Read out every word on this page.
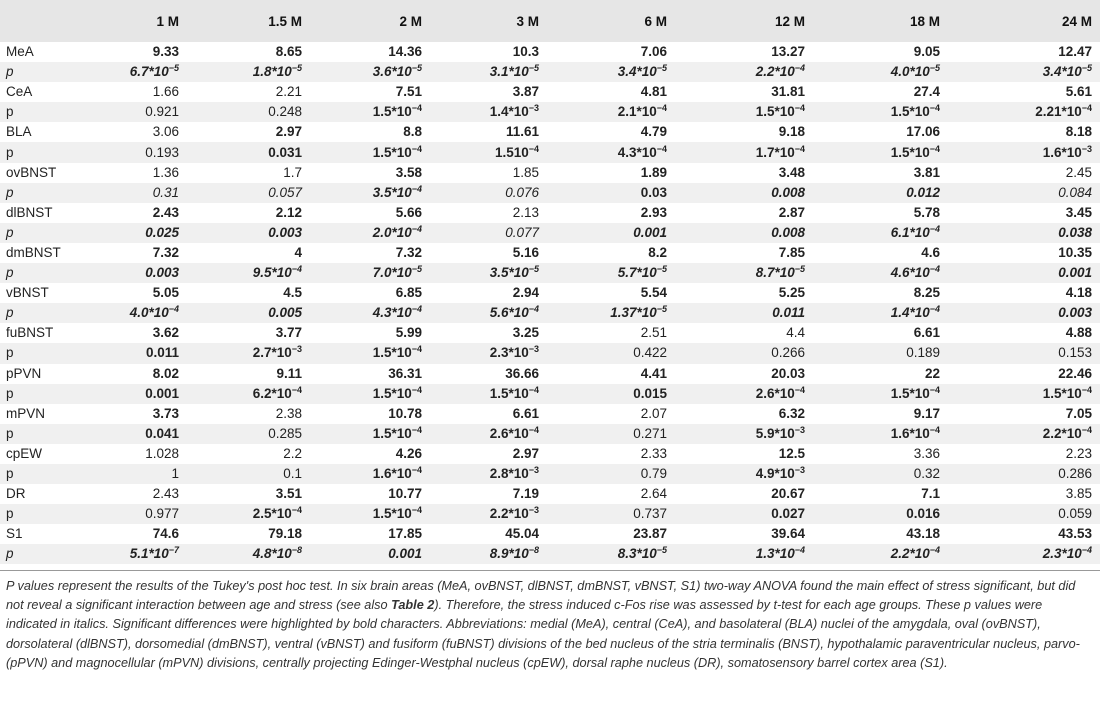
	1 M	1.5 M	2 M	3 M	6 M	12 M	18 M	24 M
MeA	9.33	8.65	14.36	10.3	7.06	13.27	9.05	12.47
p	$6.7*10^{-5}$	$1.8*10^{-5}$	$3.6*10^{-5}$	$3.1*10^{-5}$	$3.4*10^{-5}$	$2.2*10^{-4}$	$4.0*10^{-5}$	$3.4*10^{-5}$
CeA	1.66	2.21	7.51	3.87	4.81	31.81	27.4	5.61
p	0.921	0.248	$1.5*10^{-4}$	$1.4*10^{-3}$	$2.1*10^{-4}$	$1.5*10^{-4}$	$1.5*10^{-4}$	$2.21*10^{-4}$
BLA	3.06	2.97	8.8	11.61	4.79	9.18	17.06	8.18
p	0.193	0.031	$1.5*10^{-4}$	$1.510^{-4}$	$4.3*10^{-4}$	$1.7*10^{-4}$	$1.5*10^{-4}$	$1.6*10^{-3}$
ovBNST	1.36	1.7	3.58	1.85	1.89	3.48	3.81	2.45
p	0.31	0.057	$3.5*10^{-4}$	0.076	0.03	0.008	0.012	0.084
dlBNST	2.43	2.12	5.66	2.13	2.93	2.87	5.78	3.45
p	0.025	0.003	$2.0*10^{-4}$	0.077	0.001	0.008	$6.1*10^{-4}$	0.038
dmBNST	7.32	4	7.32	5.16	8.2	7.85	4.6	10.35
p	0.003	$9.5*10^{-4}$	$7.0*10^{-5}$	$3.5*10^{-5}$	$5.7*10^{-5}$	$8.7*10^{-5}$	$4.6*10^{-4}$	0.001
vBNST	5.05	4.5	6.85	2.94	5.54	5.25	8.25	4.18
p	$4.0*10^{-4}$	0.005	$4.3*10^{-4}$	$5.6*10^{-4}$	$1.37*10^{-5}$	0.011	$1.4*10^{-4}$	0.003
fuBNST	3.62	3.77	5.99	3.25	2.51	4.4	6.61	4.88
p	0.011	$2.7*10^{-3}$	$1.5*10^{-4}$	$2.3*10^{-3}$	0.422	0.266	0.189	0.153
pPVN	8.02	9.11	36.31	36.66	4.41	20.03	22	22.46
p	0.001	$6.2*10^{-4}$	$1.5*10^{-4}$	$1.5*10^{-4}$	0.015	$2.6*10^{-4}$	$1.5*10^{-4}$	$1.5*10^{-4}$
mPVN	3.73	2.38	10.78	6.61	2.07	6.32	9.17	7.05
p	0.041	0.285	$1.5*10^{-4}$	$2.6*10^{-4}$	0.271	$5.9*10^{-3}$	$1.6*10^{-4}$	$2.2*10^{-4}$
cpEW	1.028	2.2	4.26	2.97	2.33	12.5	3.36	2.23
p	1	0.1	$1.6*10^{-4}$	$2.8*10^{-3}$	0.79	$4.9*10^{-3}$	0.32	0.286
DR	2.43	3.51	10.77	7.19	2.64	20.67	7.1	3.85
p	0.977	$2.5*10^{-4}$	$1.5*10^{-4}$	$2.2*10^{-3}$	0.737	0.027	0.016	0.059
S1	74.6	79.18	17.85	45.04	23.87	39.64	43.18	43.53
p	$5.1*10^{-7}$	$4.8*10^{-8}$	0.001	$8.9*10^{-8}$	$8.3*10^{-5}$	$1.3*10^{-4}$	$2.2*10^{-4}$	$2.3*10^{-4}$
P values represent the results of the Tukey's post hoc test. In six brain areas (MeA, ovBNST, dlBNST, dmBNST, vBNST, S1) two-way ANOVA found the main effect of stress significant, but did not reveal a significant interaction between age and stress (see also Table 2). Therefore, the stress induced c-Fos rise was assessed by t-test for each age groups. These p values were indicated in italics. Significant differences were highlighted by bold characters. Abbreviations: medial (MeA), central (CeA), and basolateral (BLA) nuclei of the amygdala, oval (ovBNST), dorsolateral (dlBNST), dorsomedial (dmBNST), ventral (vBNST) and fusiform (fuBNST) divisions of the bed nucleus of the stria terminalis (BNST), hypothalamic paraventricular nucleus, parvo- (pPVN) and magnocellular (mPVN) divisions, centrally projecting Edinger-Westphal nucleus (cpEW), dorsal raphe nucleus (DR), somatosensory barrel cortex area (S1).
